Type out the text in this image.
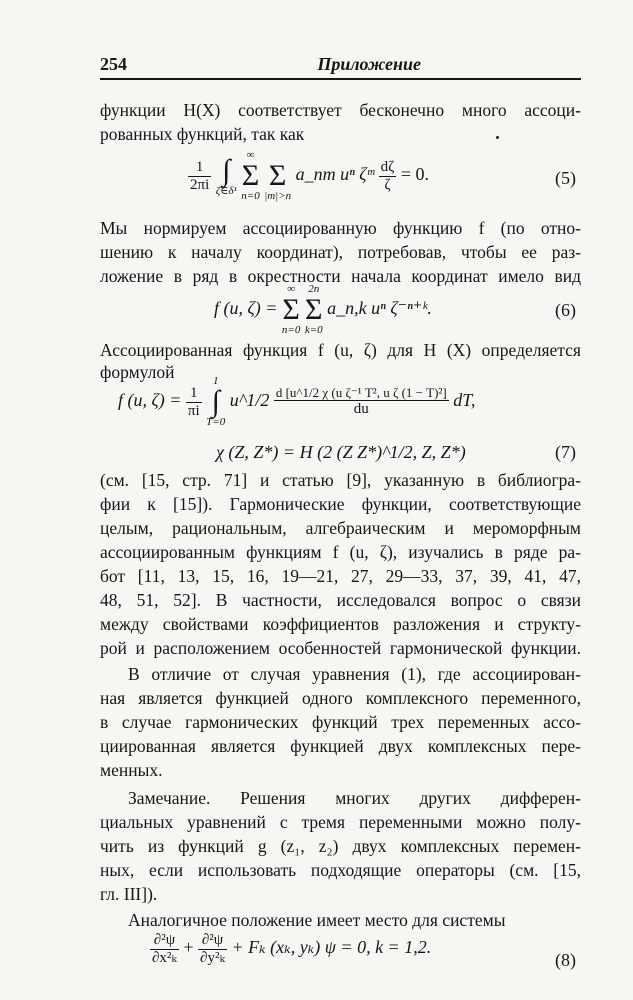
254	Приложение
функции H(X) соответствует бесконечно много ассоци-
рованных функций, так как
$\frac{1}{2\pi i}$
∫
ζ∈δ¹

∞
Σ
n=0

Σ
|m|>n
a_nm uⁿ ζᵐ $\frac{d\zeta}{\zeta} = 0$.	(5)
Мы нормируем ассоциированную функцию f (по отно-
шению к началу координат), потребовав, чтобы ее раз-
ложение в ряд в окрестности начала координат имело вид
f (u, ζ) =
∞
Σ
n=0

2n
Σ
k=0
a_n,k uⁿ ζ⁻ⁿ⁺ᵏ.	(6)
Ассоциированная функция f (u, ζ) для H (X) определяется
формулой
f (u, $\zeta) = \frac{1}{\pi i}$

1
∫
T=0
u^1/2 $\frac{\text{d [u\textasciicircum{}1/2 χ (u ζ⁻¹ T², u ζ (1 − T)²]}}{du}$ dT,
χ (Z, Z*) = H (2 (Z Z*)^1/2, Z, Z*)	(7)
(см. [15, стр. 71] и статью [9], указанную в библиогра-
фии к [15]). Гармонические функции, соответствующие
целым, рациональным, алгебраическим и мероморфным
ассоциированным функциям f (u, ζ), изучались в ряде ра-
бот [11, 13, 15, 16, 19—21, 27, 29—33, 37, 39, 41, 47,
48, 51, 52]. В частности, исследовался вопрос о связи
между свойствами коэффициентов разложения и структу-
рой и расположением особенностей гармонической функции.
В отличие от случая уравнения (1), где ассоциирован-
ная является функцией одного комплексного переменного,
в случае гармонических функций трех переменных ассо-
циированная является функцией двух комплексных пере-
менных.
Замечание. Решения многих других дифферен-
циальных уравнений с тремя переменными можно полу-
чить из функций g (z₁, z₂) двух комплексных перемен-
ных, если использовать подходящие операторы (см. [15,
гл. III]).
Аналогичное положение имеет место для системы
$\frac{\text{∂²ψ}}{\text{∂x²ₖ}} + \frac{\text{∂²ψ}}{\text{∂y²ₖ}} + F_k$ (xₖ, yₖ) ψ = 0, k = 1,2.
(8)
